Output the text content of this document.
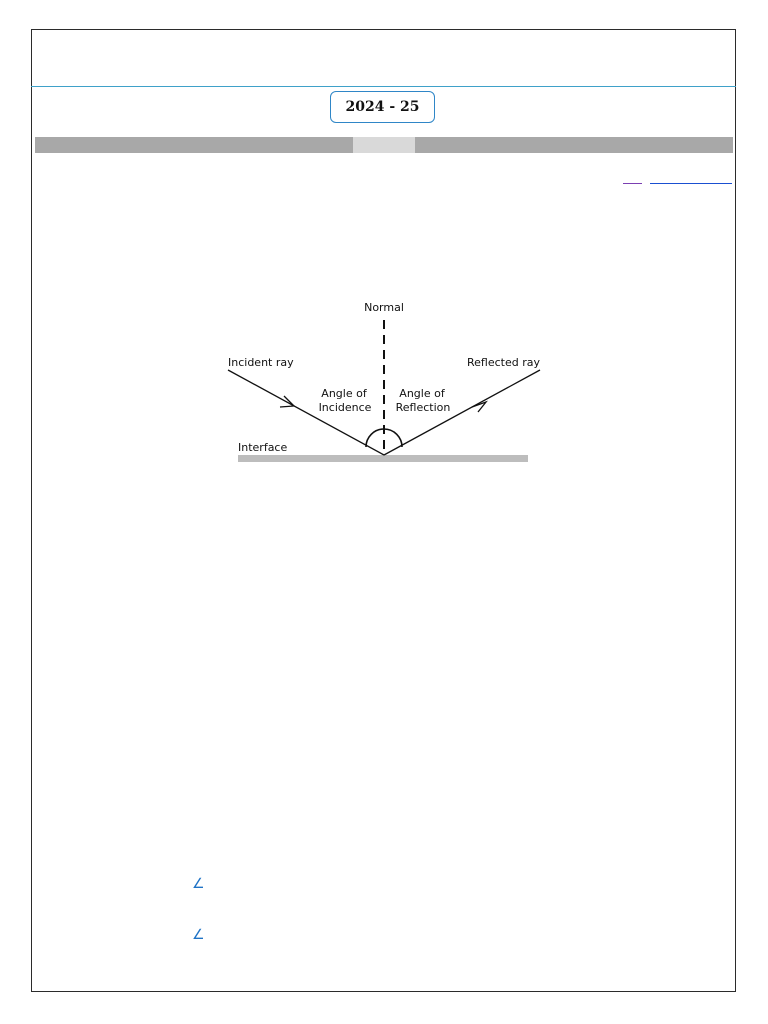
2024 - 25
Normal
Incident ray	Reflected ray
Angle of
Incidence
Angle of
Reflection
Interface
∠
∠
